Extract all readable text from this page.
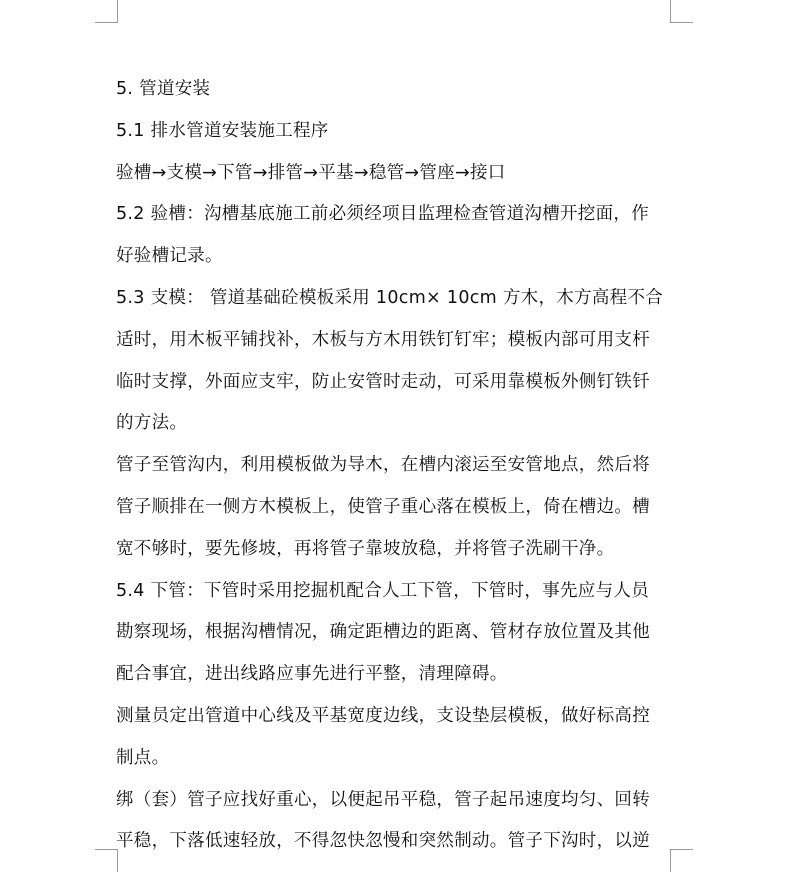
5. 管道安装
5.1 排水管道安装施工程序
验槽→支模→下管→排管→平基→稳管→管座→接口
5.2 验槽：沟槽基底施工前必须经项目监理检查管道沟槽开挖面，作
好验槽记录。
5.3 支模： 管道基础砼模板采用 10cm× 10cm 方木，木方高程不合
适时，用木板平铺找补，木板与方木用铁钉钉牢；模板内部可用支杆
临时支撑，外面应支牢，防止安管时走动，可采用靠模板外侧钉铁钎
的方法。
管子至管沟内，利用模板做为导木，在槽内滚运至安管地点，然后将
管子顺排在一侧方木模板上，使管子重心落在模板上，倚在槽边。槽
宽不够时，要先修坡，再将管子靠坡放稳，并将管子洗刷干净。
5.4 下管：下管时采用挖掘机配合人工下管，下管时，事先应与人员
勘察现场，根据沟槽情况，确定距槽边的距离、管材存放位置及其他
配合事宜，进出线路应事先进行平整，清理障碍。
测量员定出管道中心线及平基宽度边线，支设垫层模板，做好标高控
制点。
绑（套）管子应找好重心，以便起吊平稳，管子起吊速度均匀、回转
平稳，下落低速轻放，不得忽快忽慢和突然制动。管子下沟时，以逆
